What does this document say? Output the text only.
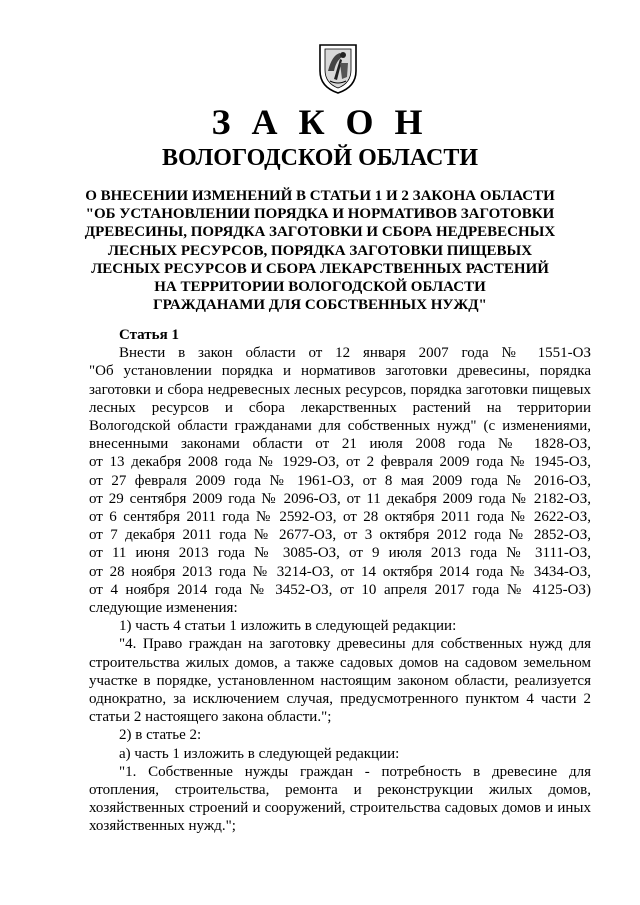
З А К О Н
ВОЛОГОДСКОЙ ОБЛАСТИ
О ВНЕСЕНИИ ИЗМЕНЕНИЙ В СТАТЬИ 1 И 2 ЗАКОНА ОБЛАСТИ
"ОБ УСТАНОВЛЕНИИ ПОРЯДКА И НОРМАТИВОВ ЗАГОТОВКИ
ДРЕВЕСИНЫ, ПОРЯДКА ЗАГОТОВКИ И СБОРА НЕДРЕВЕСНЫХ
ЛЕСНЫХ РЕСУРСОВ, ПОРЯДКА ЗАГОТОВКИ ПИЩЕВЫХ
ЛЕСНЫХ РЕСУРСОВ И СБОРА ЛЕКАРСТВЕННЫХ РАСТЕНИЙ
НА ТЕРРИТОРИИ ВОЛОГОДСКОЙ ОБЛАСТИ
ГРАЖДАНАМИ ДЛЯ СОБСТВЕННЫХ НУЖД"
Статья 1
Внести в закон области от 12 января 2007 года № 1551-ОЗ
"Об установлении порядка и нормативов заготовки древесины, порядка
заготовки и сбора недревесных лесных ресурсов, порядка заготовки пищевых
лесных ресурсов и сбора лекарственных растений на территории
Вологодской области гражданами для собственных нужд" (с изменениями,
внесенными законами области от 21 июля 2008 года № 1828-ОЗ,
от 13 декабря 2008 года № 1929-ОЗ, от 2 февраля 2009 года № 1945-ОЗ,
от 27 февраля 2009 года № 1961-ОЗ, от 8 мая 2009 года № 2016-ОЗ,
от 29 сентября 2009 года № 2096-ОЗ, от 11 декабря 2009 года № 2182-ОЗ,
от 6 сентября 2011 года № 2592-ОЗ, от 28 октября 2011 года № 2622-ОЗ,
от 7 декабря 2011 года № 2677-ОЗ, от 3 октября 2012 года № 2852-ОЗ,
от 11 июня 2013 года № 3085-ОЗ, от 9 июля 2013 года № 3111-ОЗ,
от 28 ноября 2013 года № 3214-ОЗ, от 14 октября 2014 года № 3434-ОЗ,
от 4 ноября 2014 года № 3452-ОЗ, от 10 апреля 2017 года № 4125-ОЗ)
следующие изменения:
1) часть 4 статьи 1 изложить в следующей редакции:
"4. Право граждан на заготовку древесины для собственных нужд для
строительства жилых домов, а также садовых домов на садовом земельном
участке в порядке, установленном настоящим законом области, реализуется
однократно, за исключением случая, предусмотренного пунктом 4 части 2
статьи 2 настоящего закона области.";
2) в статье 2:
а) часть 1 изложить в следующей редакции:
"1. Собственные нужды граждан - потребность в древесине для
отопления, строительства, ремонта и реконструкции жилых домов,
хозяйственных строений и сооружений, строительства садовых домов и иных
хозяйственных нужд.";
